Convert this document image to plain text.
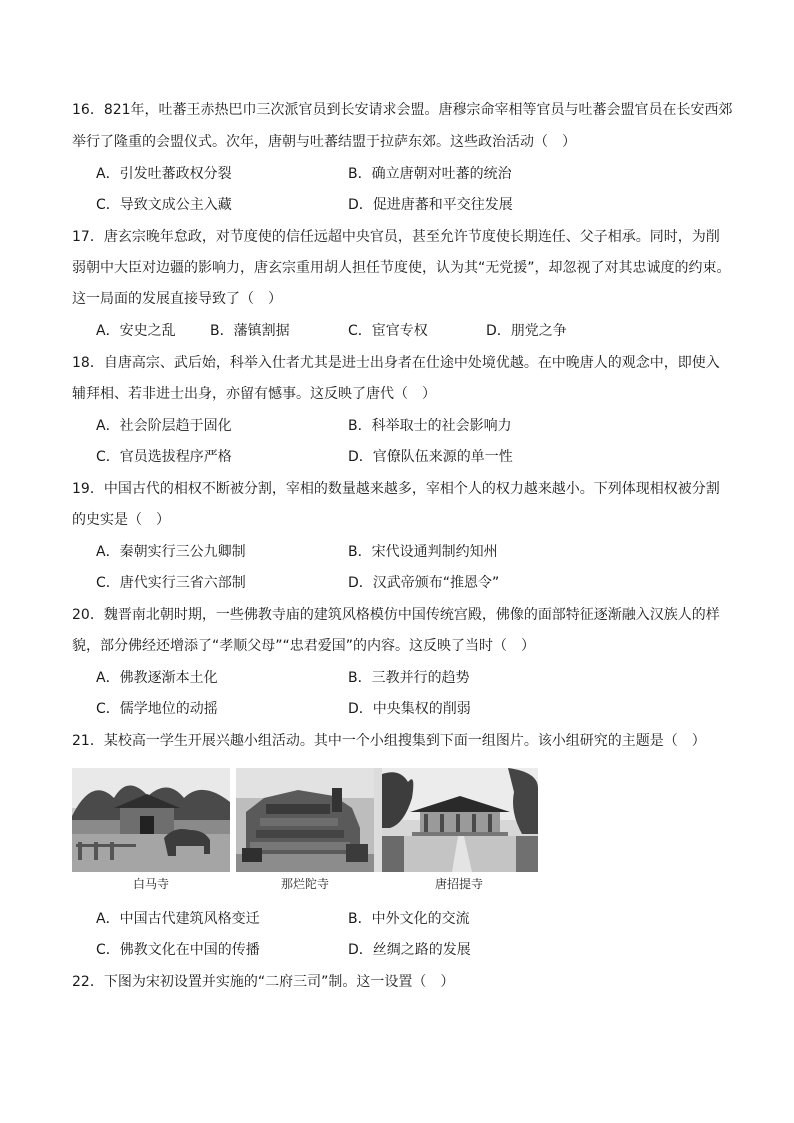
16．821年，吐蕃王赤热巴巾三次派官员到长安请求会盟。唐穆宗命宰相等官员与吐蕃会盟官员在长安西郊
举行了隆重的会盟仪式。次年，唐朝与吐蕃结盟于拉萨东郊。这些政治活动（　）
A．引发吐蕃政权分裂	B．确立唐朝对吐蕃的统治
C．导致文成公主入藏	D．促进唐蕃和平交往发展
17．唐玄宗晚年怠政，对节度使的信任远超中央官员，甚至允许节度使长期连任、父子相承。同时，为削
弱朝中大臣对边疆的影响力，唐玄宗重用胡人担任节度使，认为其“无党援”，却忽视了对其忠诚度的约束。
这一局面的发展直接导致了（　）
A．安史之乱 B．藩镇割据	C．宦官专权	D．朋党之争
18．自唐高宗、武后始，科举入仕者尤其是进士出身者在仕途中处境优越。在中晚唐人的观念中，即使入
辅拜相、若非进士出身，亦留有憾事。这反映了唐代（　）
A．社会阶层趋于固化	B．科举取士的社会影响力
C．官员选拔程序严格	D．官僚队伍来源的单一性
19．中国古代的相权不断被分割，宰相的数量越来越多，宰相个人的权力越来越小。下列体现相权被分割
的史实是（　）
A．秦朝实行三公九卿制	B．宋代设通判制约知州
C．唐代实行三省六部制	D．汉武帝颁布“推恩令”
20．魏晋南北朝时期，一些佛教寺庙的建筑风格模仿中国传统宫殿，佛像的面部特征逐渐融入汉族人的样
貌，部分佛经还增添了“孝顺父母”“忠君爱国”的内容。这反映了当时（　）
A．佛教逐渐本土化	B．三教并行的趋势
C．儒学地位的动摇	D．中央集权的削弱
21．某校高一学生开展兴趣小组活动。其中一个小组搜集到下面一组图片。该小组研究的主题是（　）
白马寺	那烂陀寺	唐招提寺
A．中国古代建筑风格变迁	B．中外文化的交流
C．佛教文化在中国的传播	D．丝绸之路的发展
22．下图为宋初设置并实施的“二府三司”制。这一设置（　）
